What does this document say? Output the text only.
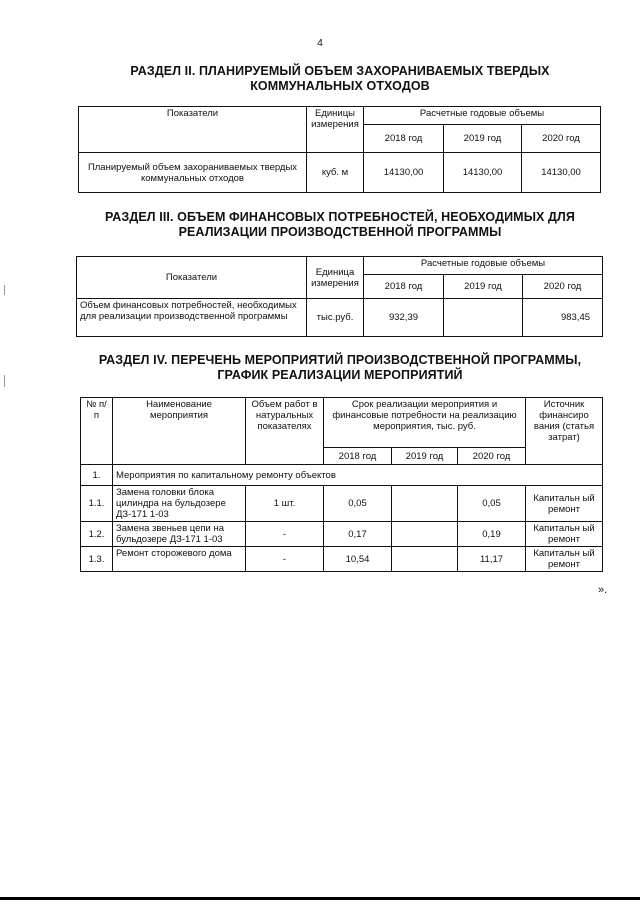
4
РАЗДЕЛ II. ПЛАНИРУЕМЫЙ ОБЪЕМ ЗАХОРАНИВАЕМЫХ ТВЕРДЫХ
КОММУНАЛЬНЫХ ОТХОДОВ
Показатели	Единицы измерения	Расчетные годовые объемы		
		2018 год	2019 год	2020 год
Планируемый объем захораниваемых твердых коммунальных отходов	куб. м	14130,00	14130,00	14130,00
РАЗДЕЛ III. ОБЪЕМ ФИНАНСОВЫХ ПОТРЕБНОСТЕЙ, НЕОБХОДИМЫХ ДЛЯ
РЕАЛИЗАЦИИ ПРОИЗВОДСТВЕННОЙ ПРОГРАММЫ
Показатели	Единица измерения	Расчетные годовые объемы		
		2018 год	2019 год	2020 год
Объем финансовых потребностей, необходимых для реализации производственной программы	тыс.руб.	932,39		983,45
РАЗДЕЛ IV. ПЕРЕЧЕНЬ МЕРОПРИЯТИЙ ПРОИЗВОДСТВЕННОЙ ПРОГРАММЫ,
ГРАФИК РЕАЛИЗАЦИИ МЕРОПРИЯТИЙ
№ п/п	Наименование мероприятия	Объем работ в натуральных показателях	Срок реализации мероприятия и финансовые потребности на реализацию мероприятия, тыс. руб.			Источник финансиро вания (статья затрат)
			2018 год	2019 год	2020 год	
1.	Мероприятия по капитальному ремонту объектов					
1.1.	Замена головки блока цилиндра на бульдозере ДЗ-171 1-03	1 шт.	0,05		0,05	Капитальн ый ремонт
1.2.	Замена звеньев цепи на бульдозере ДЗ-171 1-03	-	0,17		0,19	Капитальн ый ремонт
1.3.	Ремонт сторожевого дома	-	10,54		11,17	Капитальн ый ремонт
».
